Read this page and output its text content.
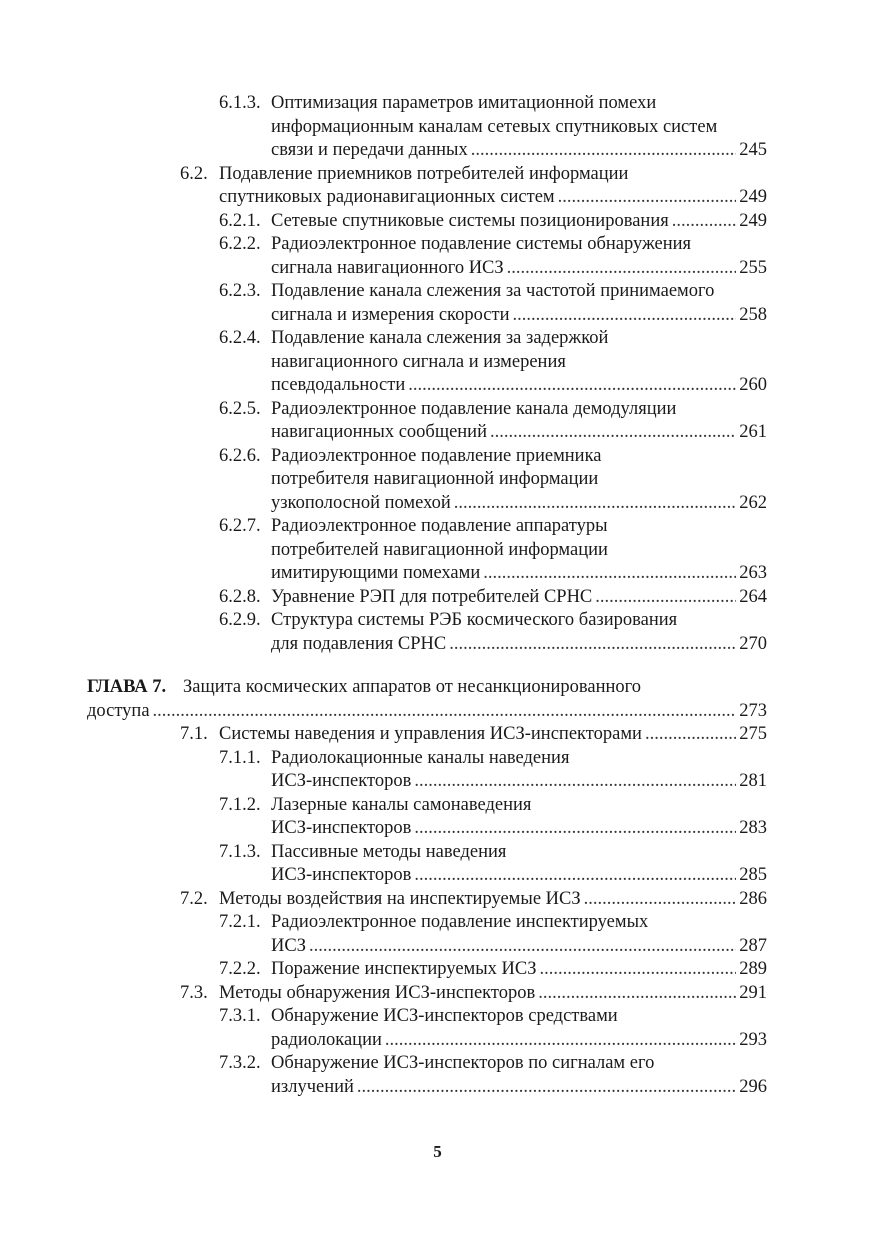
6.1.3. Оптимизация параметров имитационной помехи
информационным каналам сетевых спутниковых систем
связи и передачи данных .....	245
6.2. Подавление приемников потребителей информации
спутниковых радионавигационных систем .....	249
6.2.1. Сетевые спутниковые системы позиционирования .....	249
6.2.2. Радиоэлектронное подавление системы обнаружения
сигнала навигационного ИСЗ .....	255
6.2.3. Подавление канала слежения за частотой принимаемого
сигнала и измерения скорости .....	258
6.2.4. Подавление канала слежения за задержкой
навигационного сигнала и измерения
псевдодальности .....	260
6.2.5. Радиоэлектронное подавление канала демодуляции
навигационных сообщений .....	261
6.2.6. Радиоэлектронное подавление приемника
потребителя навигационной информации
узкополосной помехой .....	262
6.2.7. Радиоэлектронное подавление аппаратуры
потребителей навигационной информации
имитирующими помехами .....	263
6.2.8. Уравнение РЭП для потребителей СРНС .....	264
6.2.9. Структура системы РЭБ космического базирования
для подавления СРНС .....	270
ГЛАВА 7. Защита космических аппаратов от несанкционированного
доступа .....	273
7.1. Системы наведения и управления ИСЗ-инспекторами .....	275
7.1.1. Радиолокационные каналы наведения
ИСЗ-инспекторов .....	281
7.1.2. Лазерные каналы самонаведения
ИСЗ-инспекторов .....	283
7.1.3. Пассивные методы наведения
ИСЗ-инспекторов .....	285
7.2. Методы воздействия на инспектируемые ИСЗ .....	286
7.2.1. Радиоэлектронное подавление инспектируемых
ИСЗ .....	287
7.2.2. Поражение инспектируемых ИСЗ .....	289
7.3. Методы обнаружения ИСЗ-инспекторов .....	291
7.3.1. Обнаружение ИСЗ-инспекторов средствами
радиолокации .....	293
7.3.2. Обнаружение ИСЗ-инспекторов по сигналам его
излучений .....	296
5
